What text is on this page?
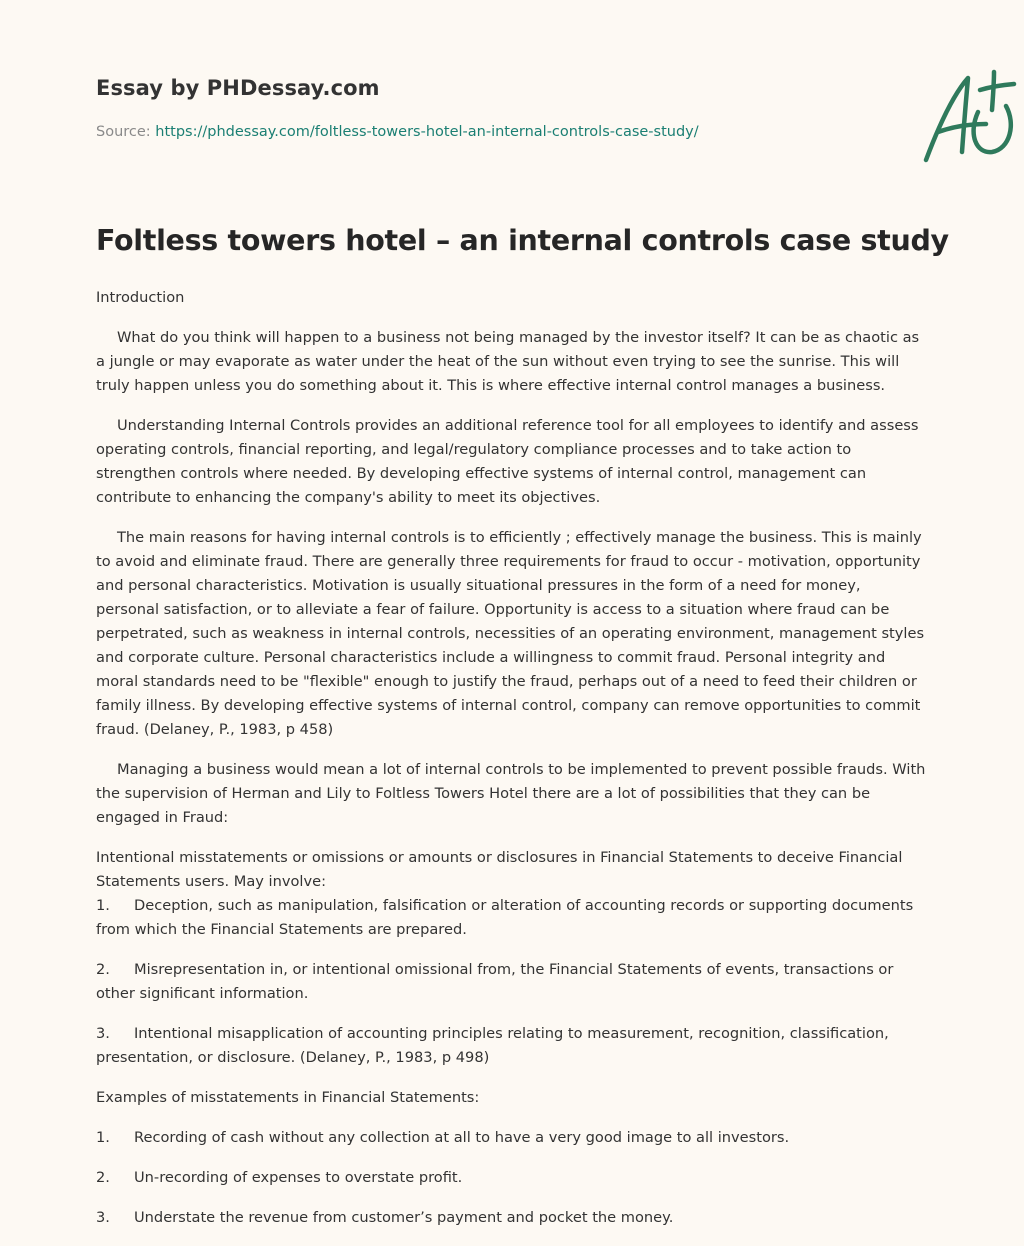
Essay by PHDessay.com
Source: https://phdessay.com/foltless-towers-hotel-an-internal-controls-case-study/
Foltless towers hotel – an internal controls case study

Introduction

What do you think will happen to a business not being managed by the investor itself? It can be as chaotic as a jungle or may evaporate as water under the heat of the sun without even trying to see the sunrise. This will truly happen unless you do something about it. This is where effective internal control manages a business.

Understanding Internal Controls provides an additional reference tool for all employees to identify and assess operating controls, financial reporting, and legal/regulatory compliance processes and to take action to strengthen controls where needed. By developing effective systems of internal control, management can contribute to enhancing the company's ability to meet its objectives.

The main reasons for having internal controls is to efficiently ; effectively manage the business. This is mainly to avoid and eliminate fraud. There are generally three requirements for fraud to occur - motivation, opportunity and personal characteristics. Motivation is usually situational pressures in the form of a need for money, personal satisfaction, or to alleviate a fear of failure. Opportunity is access to a situation where fraud can be perpetrated, such as weakness in internal controls, necessities of an operating environment, management styles and corporate culture. Personal characteristics include a willingness to commit fraud. Personal integrity and moral standards need to be "flexible" enough to justify the fraud, perhaps out of a need to feed their children or family illness. By developing effective systems of internal control, company can remove opportunities to commit fraud. (Delaney, P., 1983, p 458)

Managing a business would mean a lot of internal controls to be implemented to prevent possible frauds. With the supervision of Herman and Lily to Foltless Towers Hotel there are a lot of possibilities that they can be engaged in Fraud:

Intentional misstatements or omissions or amounts or disclosures in Financial Statements to deceive Financial Statements users. May involve:

1. Deception, such as manipulation, falsification or alteration of accounting records or supporting documents from which the Financial Statements are prepared.

2. Misrepresentation in, or intentional omissional from, the Financial Statements of events, transactions or other significant information.

3. Intentional misapplication of accounting principles relating to measurement, recognition, classification, presentation, or disclosure. (Delaney, P., 1983, p 498)

Examples of misstatements in Financial Statements:

1. Recording of cash without any collection at all to have a very good image to all investors.

2. Un-recording of expenses to overstate profit.

3. Understate the revenue from customer’s payment and pocket the money.
